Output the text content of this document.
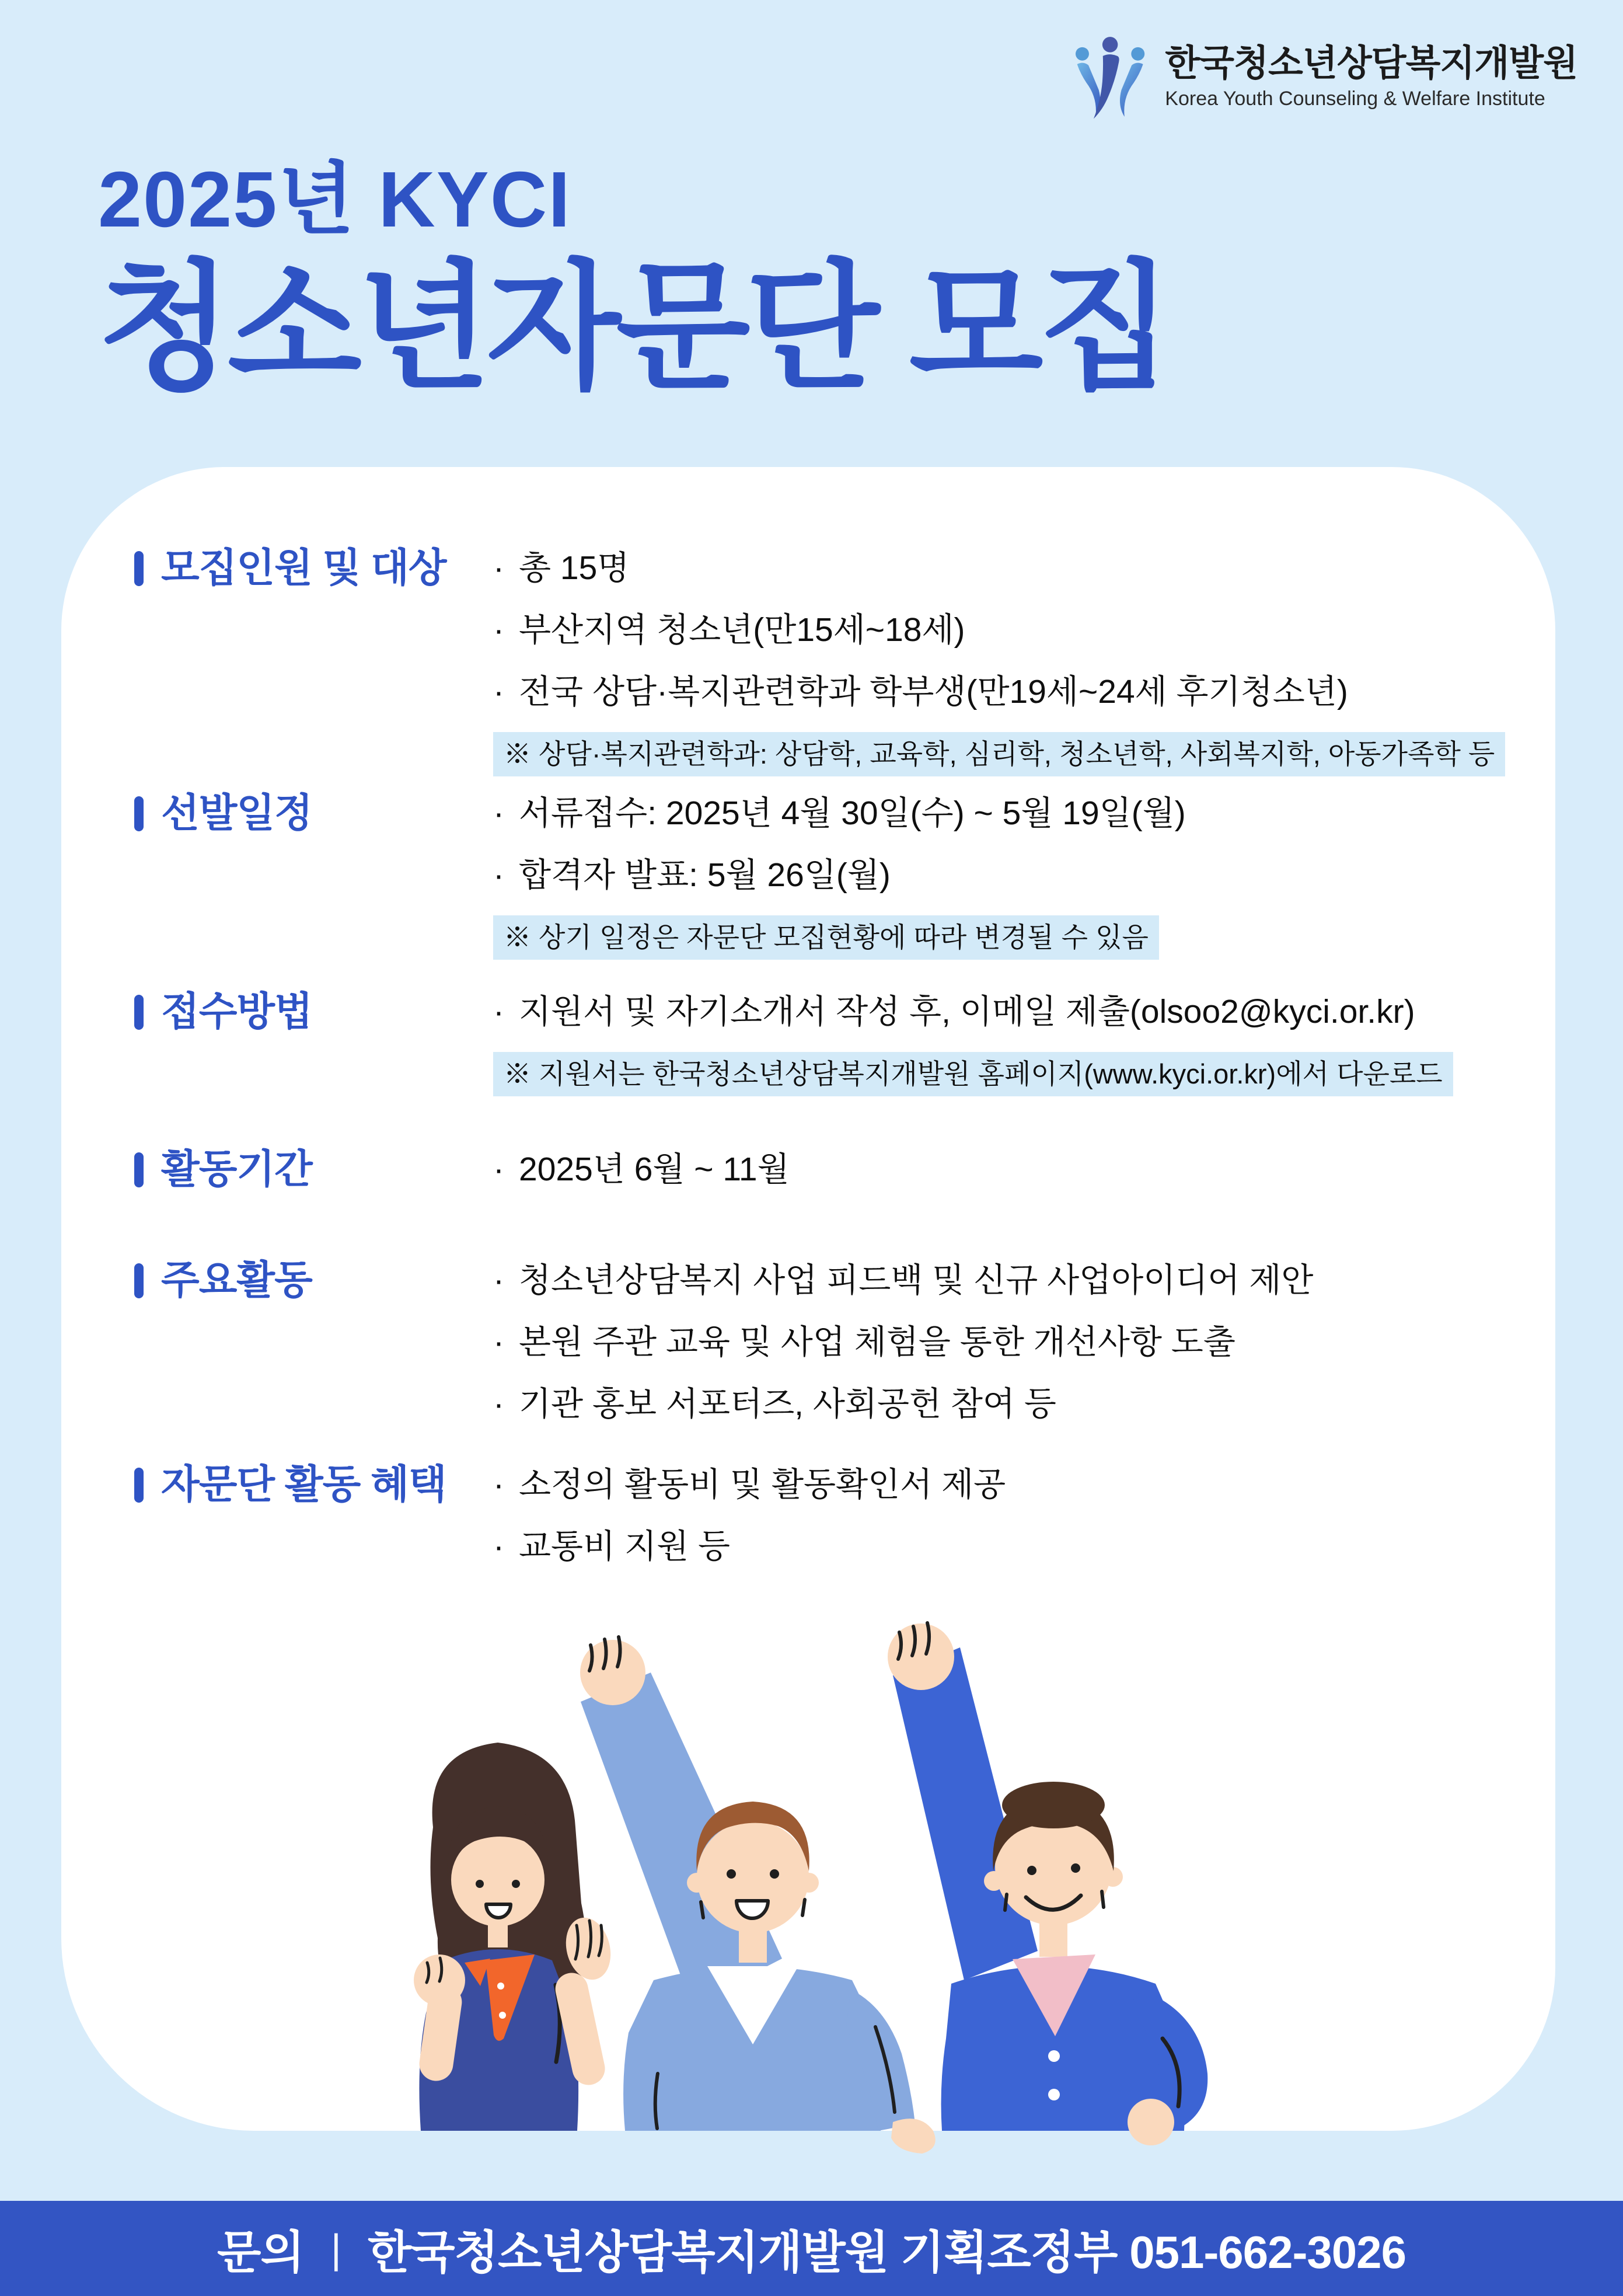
한국청소년상담복지개발원
Korea Youth Counseling & Welfare Institute
2025년 KYCI
청소년자문단 모집
모집인원 및 대상 · 총 15명
· 부산지역 청소년(만15세~18세)
· 전국 상담·복지관련학과 학부생(만19세~24세 후기청소년)
※ 상담·복지관련학과: 상담학, 교육학, 심리학, 청소년학, 사회복지학, 아동가족학 등
선발일정	· 서류접수: 2025년 4월 30일(수) ~ 5월 19일(월)
· 합격자 발표: 5월 26일(월)
※ 상기 일정은 자문단 모집현황에 따라 변경될 수 있음
접수방법	· 지원서 및 자기소개서 작성 후, 이메일 제출(olsoo2@kyci.or.kr)
※ 지원서는 한국청소년상담복지개발원 홈페이지(www.kyci.or.kr)에서 다운로드
활동기간	· 2025년 6월 ~ 11월
주요활동	· 청소년상담복지 사업 피드백 및 신규 사업아이디어 제안
· 본원 주관 교육 및 사업 체험을 통한 개선사항 도출
· 기관 홍보 서포터즈, 사회공헌 참여 등
자문단 활동 혜택 · 소정의 활동비 및 활동확인서 제공
· 교통비 지원 등
문의 | 한국청소년상담복지개발원 기획조정부 051-662-3026
